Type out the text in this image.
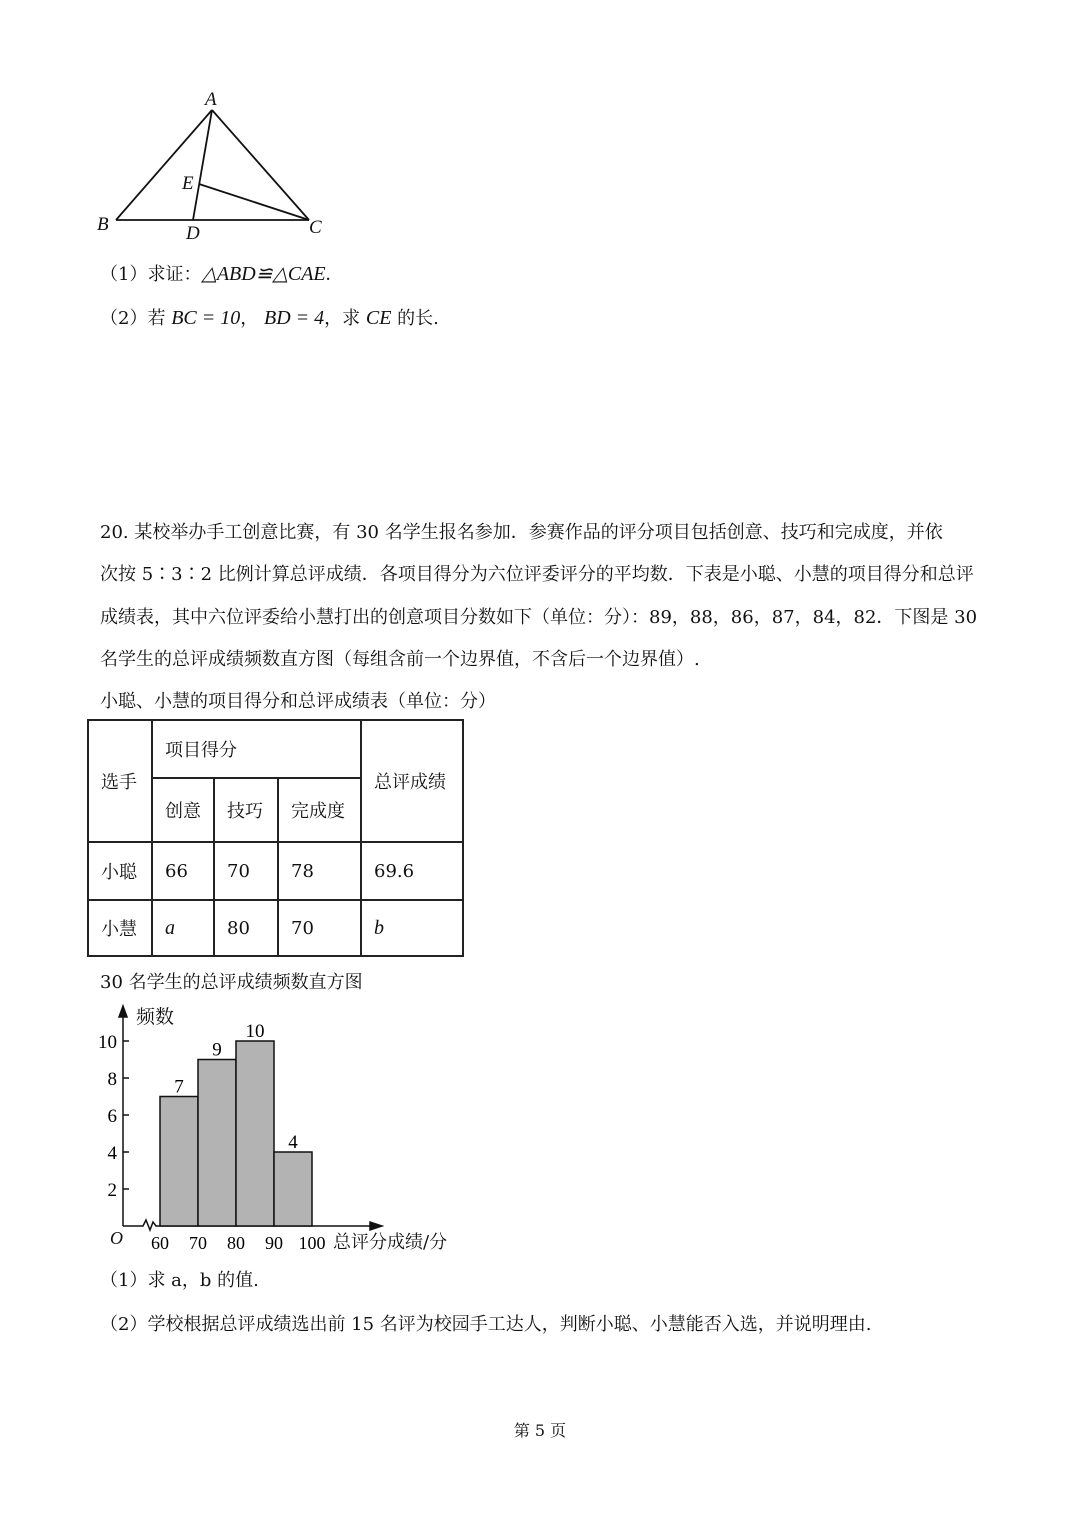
A
B	C
D
E
（1）求证：△ABD≌△CAE.
（2）若 BC = 10， BD = 4，求 CE 的长.
20. 某校举办手工创意比赛，有 30 名学生报名参加．参赛作品的评分项目包括创意、技巧和完成度，并依
次按 5∶3∶2 比例计算总评成绩．各项目得分为六位评委评分的平均数．下表是小聪、小慧的项目得分和总评
成绩表，其中六位评委给小慧打出的创意项目分数如下（单位：分）：89，88，86，87，84，82．下图是 30
名学生的总评成绩频数直方图（每组含前一个边界值，不含后一个边界值）.
小聪、小慧的项目得分和总评成绩表（单位：分）
选手	项目得分			总评成绩
	创意	技巧	完成度	
小聪	66	70	78	69.6
小慧	a	80	70	b
30 名学生的总评成绩频数直方图
7
9
10
4
2
4
6
8
10
60 70 80 90 100
频数
总评分成绩/分
O
（1）求 a，b 的值.
（2）学校根据总评成绩选出前 15 名评为校园手工达人，判断小聪、小慧能否入选，并说明理由.
第 5 页
